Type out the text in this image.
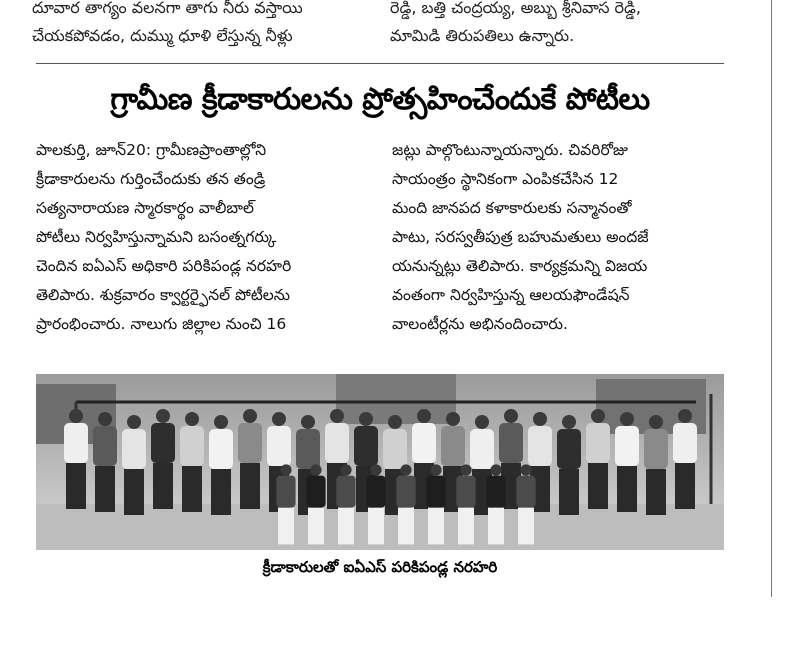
దూవార తాగ్యం వలనగా తాగు నీరు వస్తాయి
చేయకపోవడం, దుమ్ము ధూళి లేస్తున్న నీళ్లు
రెడ్డి, బత్తి చంద్రయ్య, అబ్బు శ్రీనివాస రెడ్డి,
మామిడి తిరుపతిలు ఉన్నారు.
గ్రామీణ క్రీడాకారులను ప్రోత్సహించేందుకే పోటీలు
పాలకుర్తి, జూన్20: గ్రామీణప్రాంతాల్లోని
క్రీడాకారులను గుర్తించేందుకు తన తండ్రి
సత్యనారాయణ స్మారకార్థం వాలీబాల్
పోటీలు నిర్వహిస్తున్నామని బసంత్నగర్కు
చెందిన ఐఏఎస్ అధికారి పరికిపండ్ల నరహరి
తెలిపారు. శుక్రవారం క్వార్టర్ఫైనల్ పోటీలను
ప్రారంభించారు. నాలుగు జిల్లాల నుంచి 16
జట్లు పాల్గొంటున్నాయన్నారు. చివరిరోజు
సాయంత్రం స్థానికంగా ఎంపికచేసిన 12
మంది జానపద కళాకారులకు సన్మానంతో
పాటు, సరస్వతీపుత్ర బహుమతులు అందజే
యనున్నట్లు తెలిపారు. కార్యక్రమన్ని విజయ
వంతంగా నిర్వహిస్తున్న ఆలయఫౌండేషన్
వాలంటీర్లను అభినందించారు.
క్రీడాకారులతో ఐఏఎస్ పరికిపండ్ల నరహరి
